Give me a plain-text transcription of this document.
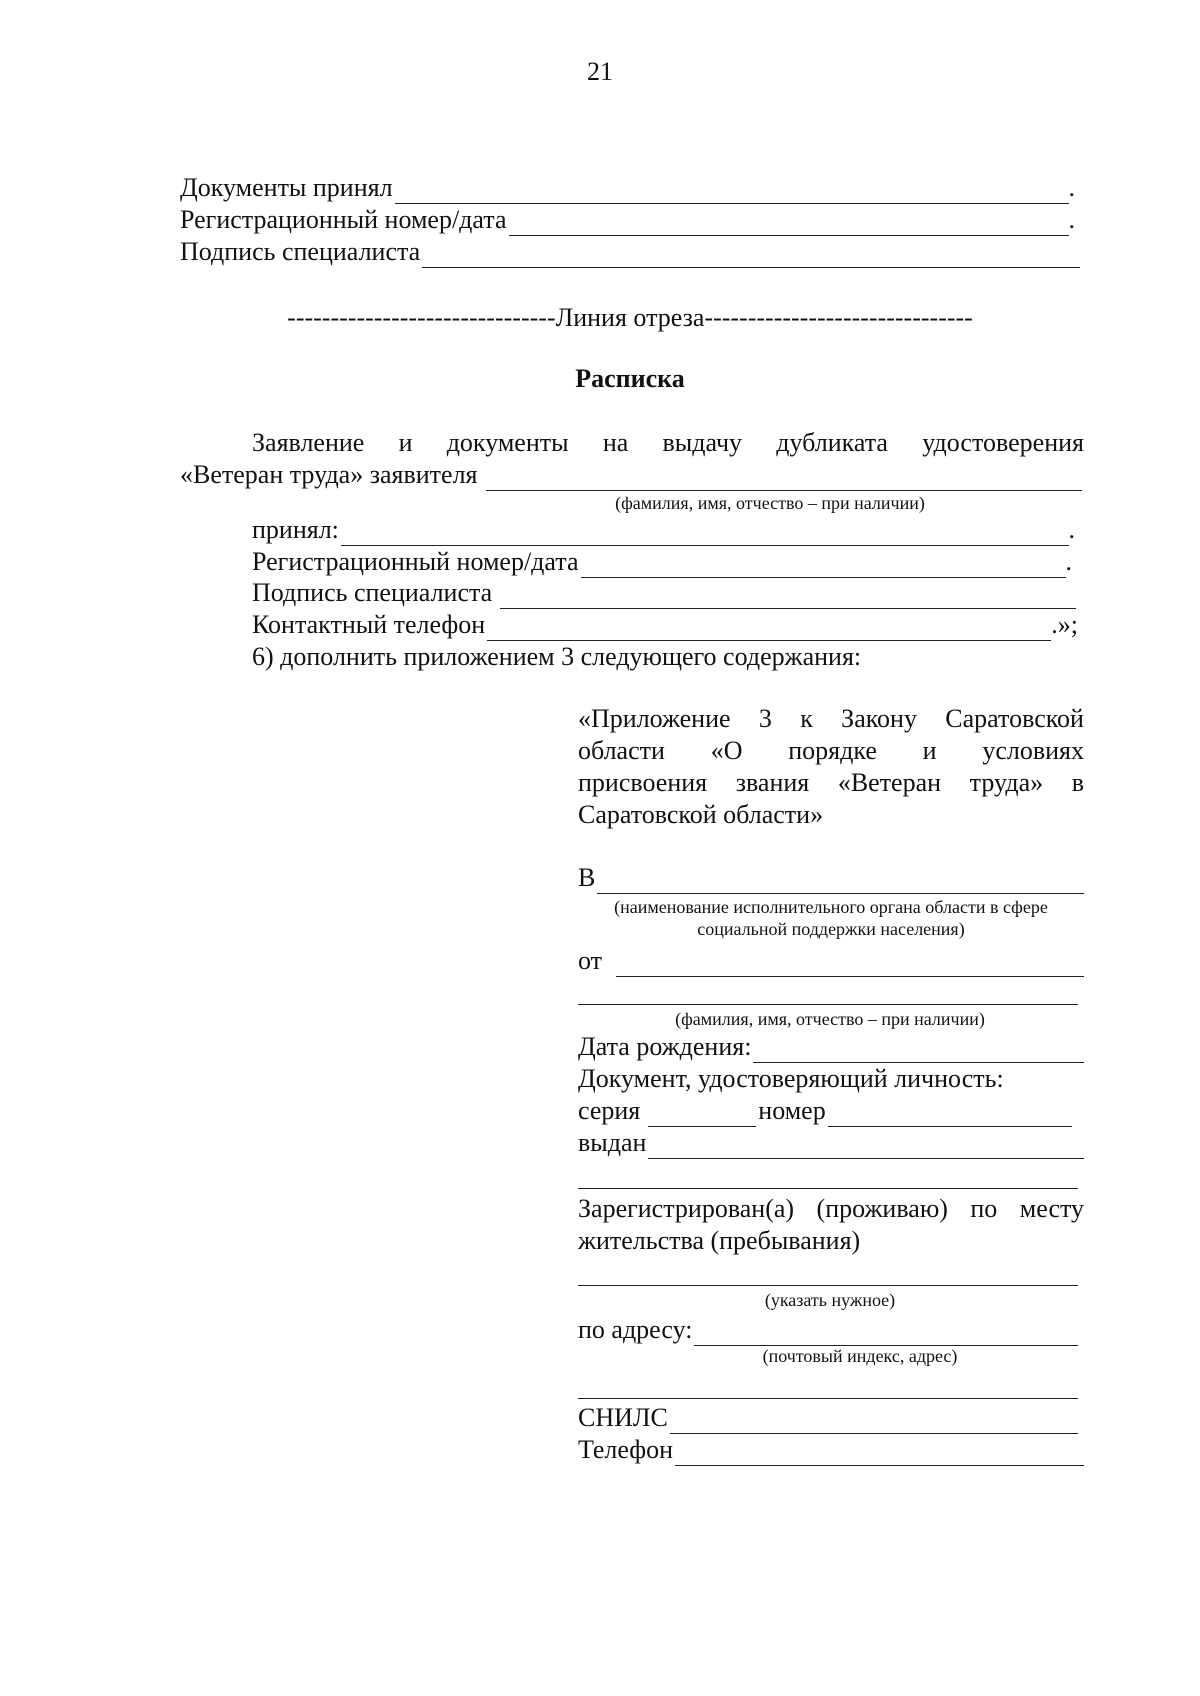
21
Документы принял	.
Регистрационный номер/дата	.
Подпись специалиста
-------------------------------Линия отреза-------------------------------
Расписка
Заявление и документы на выдачу дубликата удостоверения
«Ветеран труда» заявителя
(фамилия, имя, отчество – при наличии)
принял:	.
Регистрационный номер/дата	.
Подпись специалиста
Контактный телефон	.»;
6) дополнить приложением 3 следующего содержания:
«Приложение 3 к Закону Саратовской
области «О порядке и условиях
присвоения звания «Ветеран труда» в
Саратовской области»
В
(наименование исполнительного органа области в сфере
социальной поддержки населения)
от
(фамилия, имя, отчество – при наличии)
Дата рождения:
Документ, удостоверяющий личность:
серия	номер
выдан
Зарегистрирован(а) (проживаю) по месту
жительства (пребывания)
(указать нужное)
по адресу:
(почтовый индекс, адрес)
СНИЛС
Телефон
